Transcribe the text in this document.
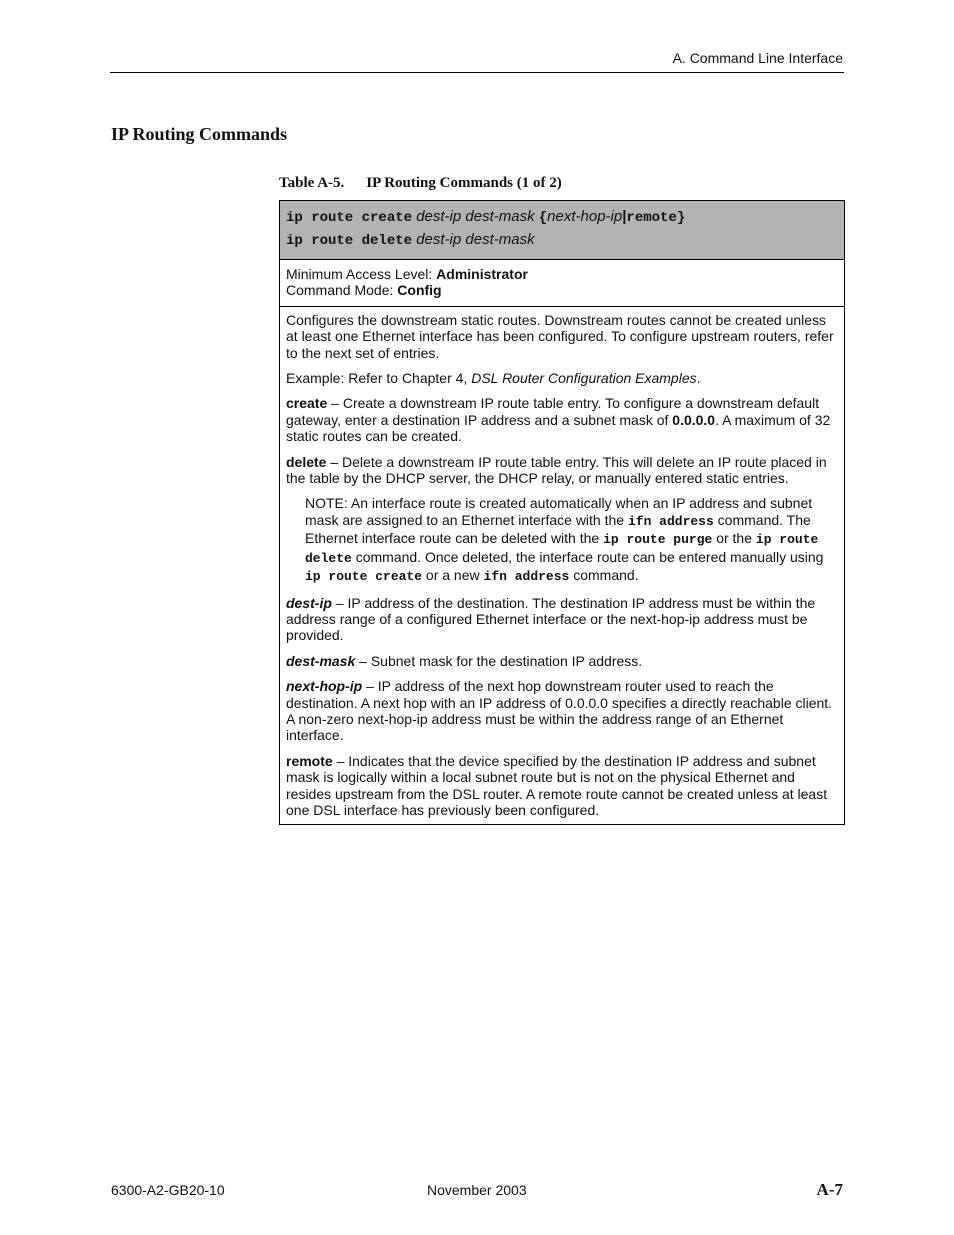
A. Command Line Interface
IP Routing Commands
Table A-5. IP Routing Commands (1 of 2)
ip route create dest-ip dest-mask {next-hop-ip|remote}
ip route delete dest-ip dest-mask
Minimum Access Level: Administrator
Command Mode: Config

Configures the downstream static routes. Downstream routes cannot be created unless at least one Ethernet interface has been configured. To configure upstream routers, refer to the next set of entries.

Example: Refer to Chapter 4, DSL Router Configuration Examples.

create – Create a downstream IP route table entry. To configure a downstream default gateway, enter a destination IP address and a subnet mask of 0.0.0.0. A maximum of 32 static routes can be created.

delete – Delete a downstream IP route table entry. This will delete an IP route placed in the table by the DHCP server, the DHCP relay, or manually entered static entries.

NOTE: An interface route is created automatically when an IP address and subnet mask are assigned to an Ethernet interface with the ifn address command. The Ethernet interface route can be deleted with the ip route purge or the ip route delete command. Once deleted, the interface route can be entered manually using ip route create or a new ifn address command.

dest-ip – IP address of the destination. The destination IP address must be within the address range of a configured Ethernet interface or the next-hop-ip address must be provided.

dest-mask – Subnet mask for the destination IP address.

next-hop-ip – IP address of the next hop downstream router used to reach the destination. A next hop with an IP address of 0.0.0.0 specifies a directly reachable client. A non-zero next-hop-ip address must be within the address range of an Ethernet interface.

remote – Indicates that the device specified by the destination IP address and subnet mask is logically within a local subnet route but is not on the physical Ethernet and resides upstream from the DSL router. A remote route cannot be created unless at least one DSL interface has previously been configured.

6300-A2-GB20-10	November 2003	A-7
